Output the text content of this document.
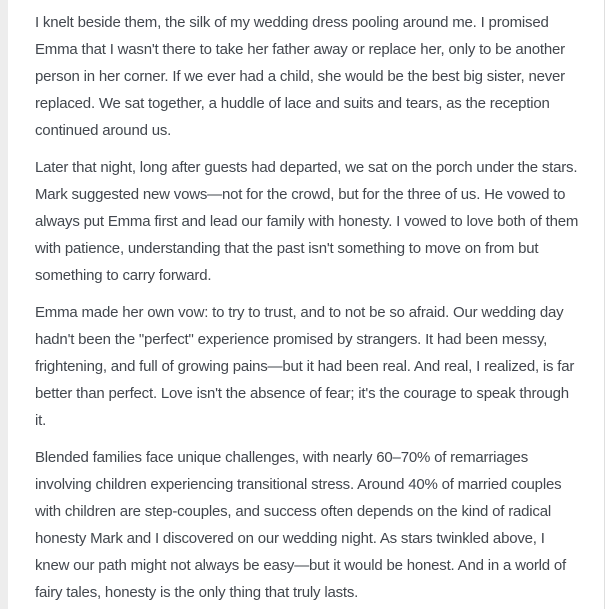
I knelt beside them, the silk of my wedding dress pooling around me. I promised Emma that I wasn't there to take her father away or replace her, only to be another person in her corner. If we ever had a child, she would be the best big sister, never replaced. We sat together, a huddle of lace and suits and tears, as the reception continued around us.

Later that night, long after guests had departed, we sat on the porch under the stars. Mark suggested new vows—not for the crowd, but for the three of us. He vowed to always put Emma first and lead our family with honesty. I vowed to love both of them with patience, understanding that the past isn't something to move on from but something to carry forward.

Emma made her own vow: to try to trust, and to not be so afraid. Our wedding day hadn't been the "perfect" experience promised by strangers. It had been messy, frightening, and full of growing pains—but it had been real. And real, I realized, is far better than perfect. Love isn't the absence of fear; it's the courage to speak through it.

Blended families face unique challenges, with nearly 60–70% of remarriages involving children experiencing transitional stress. Around 40% of married couples with children are step-couples, and success often depends on the kind of radical honesty Mark and I discovered on our wedding night. As stars twinkled above, I knew our path might not always be easy—but it would be honest. And in a world of fairy tales, honesty is the only thing that truly lasts.
